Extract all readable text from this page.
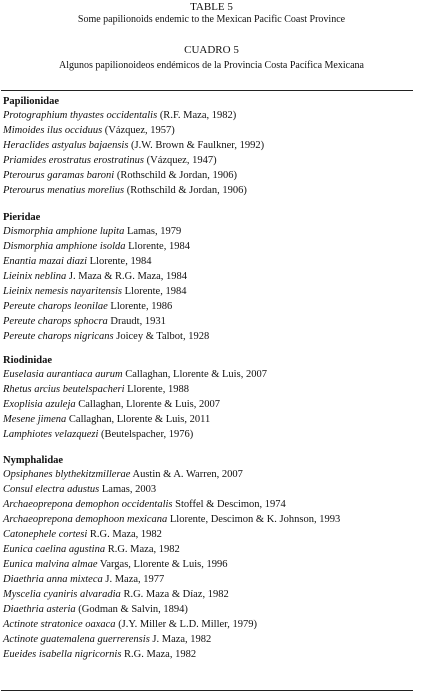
TABLE 5
Some papilionoids endemic to the Mexican Pacific Coast Province
CUADRO 5
Algunos papilionoideos endémicos de la Provincia Costa Pacífica Mexicana
Papilionidae
Protographium thyastes occidentalis (R.F. Maza, 1982)
Mimoides ilus occiduus (Vázquez, 1957)
Heraclides astyalus bajaensis (J.W. Brown & Faulkner, 1992)
Priamides erostratus erostratinus (Vázquez, 1947)
Pterourus garamas baroni (Rothschild & Jordan, 1906)
Pterourus menatius morelius (Rothschild & Jordan, 1906)
Pieridae
Dismorphia amphione lupita Lamas, 1979
Dismorphia amphione isolda Llorente, 1984
Enantia mazai diazi Llorente, 1984
Lieinix neblina J. Maza & R.G. Maza, 1984
Lieinix nemesis nayaritensis Llorente, 1984
Pereute charops leonilae Llorente, 1986
Pereute charops sphocra Draudt, 1931
Pereute charops nigricans Joicey & Talbot, 1928
Riodinidae
Euselasia aurantiaca aurum Callaghan, Llorente & Luis, 2007
Rhetus arcius beutelspacheri Llorente, 1988
Exoplisia azuleja Callaghan, Llorente & Luis, 2007
Mesene jimena Callaghan, Llorente & Luis, 2011
Lamphiotes velazquezi (Beutelspacher, 1976)
Nymphalidae
Opsiphanes blythekitzmillerae Austin & A. Warren, 2007
Consul electra adustus Lamas, 2003
Archaeoprepona demophon occidentalis Stoffel & Descimon, 1974
Archaeoprepona demophoon mexicana Llorente, Descimon & K. Johnson, 1993
Catonephele cortesi R.G. Maza, 1982
Eunica caelina agustina R.G. Maza, 1982
Eunica malvina almae Vargas, Llorente & Luis, 1996
Diaethria anna mixteca J. Maza, 1977
Myscelia cyaniris alvaradia R.G. Maza & Díaz, 1982
Diaethria asteria (Godman & Salvin, 1894)
Actinote stratonice oaxaca (J.Y. Miller & L.D. Miller, 1979)
Actinote guatemalena guerrerensis J. Maza, 1982
Eueides isabella nigricornis R.G. Maza, 1982
